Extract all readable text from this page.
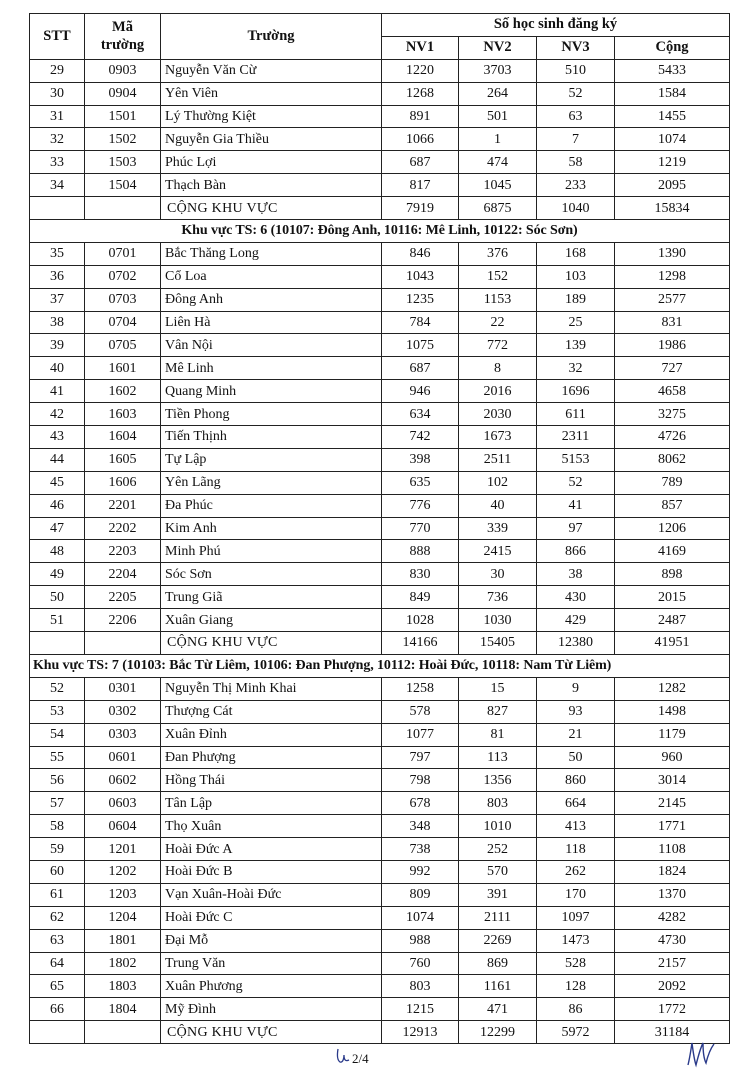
STT	Mã trường	Trường	Số học sinh đăng ký			
			NV1	NV2	NV3	Cộng
29	0903	Nguyễn Văn Cừ	1220	3703	510	5433
30	0904	Yên Viên	1268	264	52	1584
31	1501	Lý Thường Kiệt	891	501	63	1455
32	1502	Nguyễn Gia Thiều	1066	1	7	1074
33	1503	Phúc Lợi	687	474	58	1219
34	1504	Thạch Bàn	817	1045	233	2095
		CỘNG KHU VỰC	7919	6875	1040	15834
Khu vực TS: 6 (10107: Đông Anh, 10116: Mê Linh, 10122: Sóc Sơn)						
35	0701	Bắc Thăng Long	846	376	168	1390
36	0702	Cổ Loa	1043	152	103	1298
37	0703	Đông Anh	1235	1153	189	2577
38	0704	Liên Hà	784	22	25	831
39	0705	Vân Nội	1075	772	139	1986
40	1601	Mê Linh	687	8	32	727
41	1602	Quang Minh	946	2016	1696	4658
42	1603	Tiền Phong	634	2030	611	3275
43	1604	Tiến Thịnh	742	1673	2311	4726
44	1605	Tự Lập	398	2511	5153	8062
45	1606	Yên Lãng	635	102	52	789
46	2201	Đa Phúc	776	40	41	857
47	2202	Kim Anh	770	339	97	1206
48	2203	Minh Phú	888	2415	866	4169
49	2204	Sóc Sơn	830	30	38	898
50	2205	Trung Giã	849	736	430	2015
51	2206	Xuân Giang	1028	1030	429	2487
		CỘNG KHU VỰC	14166	15405	12380	41951
Khu vực TS: 7 (10103: Bắc Từ Liêm, 10106: Đan Phượng, 10112: Hoài Đức, 10118: Nam Từ Liêm)						
52	0301	Nguyễn Thị Minh Khai	1258	15	9	1282
53	0302	Thượng Cát	578	827	93	1498
54	0303	Xuân Đỉnh	1077	81	21	1179
55	0601	Đan Phượng	797	113	50	960
56	0602	Hồng Thái	798	1356	860	3014
57	0603	Tân Lập	678	803	664	2145
58	0604	Thọ Xuân	348	1010	413	1771
59	1201	Hoài Đức A	738	252	118	1108
60	1202	Hoài Đức B	992	570	262	1824
61	1203	Vạn Xuân-Hoài Đức	809	391	170	1370
62	1204	Hoài Đức C	1074	2111	1097	4282
63	1801	Đại Mỗ	988	2269	1473	4730
64	1802	Trung Văn	760	869	528	2157
65	1803	Xuân Phương	803	1161	128	2092
66	1804	Mỹ Đình	1215	471	86	1772
		CỘNG KHU VỰC	12913	12299	5972	31184
2/4
